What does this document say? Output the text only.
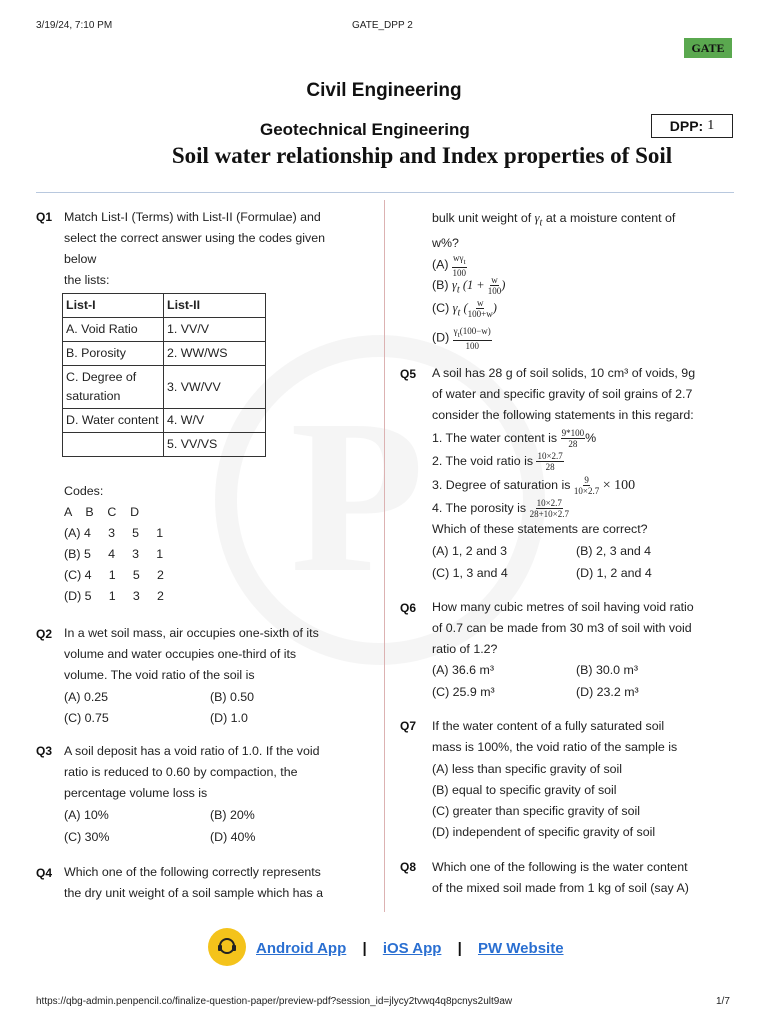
3/19/24, 7:10 PM	GATE_DPP 2
GATE
Civil Engineering
Geotechnical Engineering	DPP: 1
Soil water relationship and Index properties of Soil
Q1 Match List-I (Terms) with List-II (Formulae) and
select the correct answer using the codes given
below
the lists:
List-I	List-II
A. Void Ratio	1. VV/V
B. Porosity	2. WW/WS
C. Degree of saturation	3. VW/VV
D. Water content	4. W/V
	5. VV/VS
Codes:
A    B    C    D
(A) 4     3     5     1
(B) 5     4     3     1
(C) 4     1     5     2
(D) 5     1     3     2
Q2 In a wet soil mass, air occupies one-sixth of its
volume and water occupies one-third of its
volume. The void ratio of the soil is
(A) 0.25	(B) 0.50
(C) 0.75	(D) 1.0
Q3 A soil deposit has a void ratio of 1.0. If the void
ratio is reduced to 0.60 by compaction, the
percentage volume loss is
(A) 10%	(B) 20%
(C) 30%	(D) 40%
Q4 Which one of the following correctly represents
the dry unit weight of a soil sample which has a
bulk unit weight of $\gamma_t$ at a moisture content of
w%?
$(A) \frac{w\gamma_t}{100}$
(B) $\gamma_t$ ($1 + \frac{w}{100}$ )
(C) $\gamma_t$ ( $\frac{w}{100+w}$ )
$(D) \frac{\gamma_t(100-w)}{100}$
Q5 A soil has 28 g of soil solids, 10 cm³ of voids, 9g
of water and specific gravity of soil grains of 2.7
consider the following statements in this regard:
1. The water content is $\frac{9*100}{28}$ %
2. The void ratio is $\frac{10\times 2.7}{28}$
3. Degree of saturation is $\frac{9}{10\times 2.7} \times 100$
4. The porosity is $\frac{10\times 2.7}{28+10\times 2.7}$
Which of these statements are correct?
(A) 1, 2 and 3	(B) 2, 3 and 4
(C) 1, 3 and 4	(D) 1, 2 and 4
Q6 How many cubic metres of soil having void ratio
of 0.7 can be made from 30 m3 of soil with void
ratio of 1.2?
(A) 36.6 m³	(B) 30.0 m³
(C) 25.9 m³	(D) 23.2 m³
Q7 If the water content of a fully saturated soil
mass is 100%, the void ratio of the sample is
(A) less than specific gravity of soil
(B) equal to specific gravity of soil
(C) greater than specific gravity of soil
(D) independent of specific gravity of soil
Q8 Which one of the following is the water content
of the mixed soil made from 1 kg of soil (say A)
Android App | iOS App | PW Website
https://qbg-admin.penpencil.co/finalize-question-paper/preview-pdf?session_id=jlycy2tvwq4q8pcnys2ult9aw	1/7
